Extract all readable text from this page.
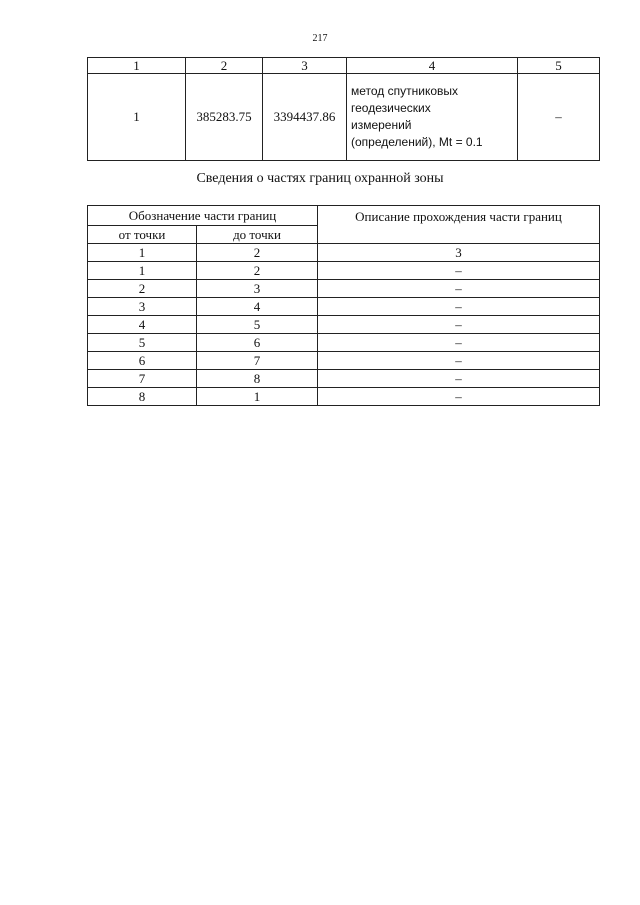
217
1	2	3	4	5
1	385283.75	3394437.86	метод спутниковых
геодезических
измерений
(определений), Mt = 0.1	–
Сведения о частях границ охранной зоны
Обозначение части границ		Описание прохождения части границ
от точки	до точки	
1	2	3
1	2	–
2	3	–
3	4	–
4	5	–
5	6	–
6	7	–
7	8	–
8	1	–
